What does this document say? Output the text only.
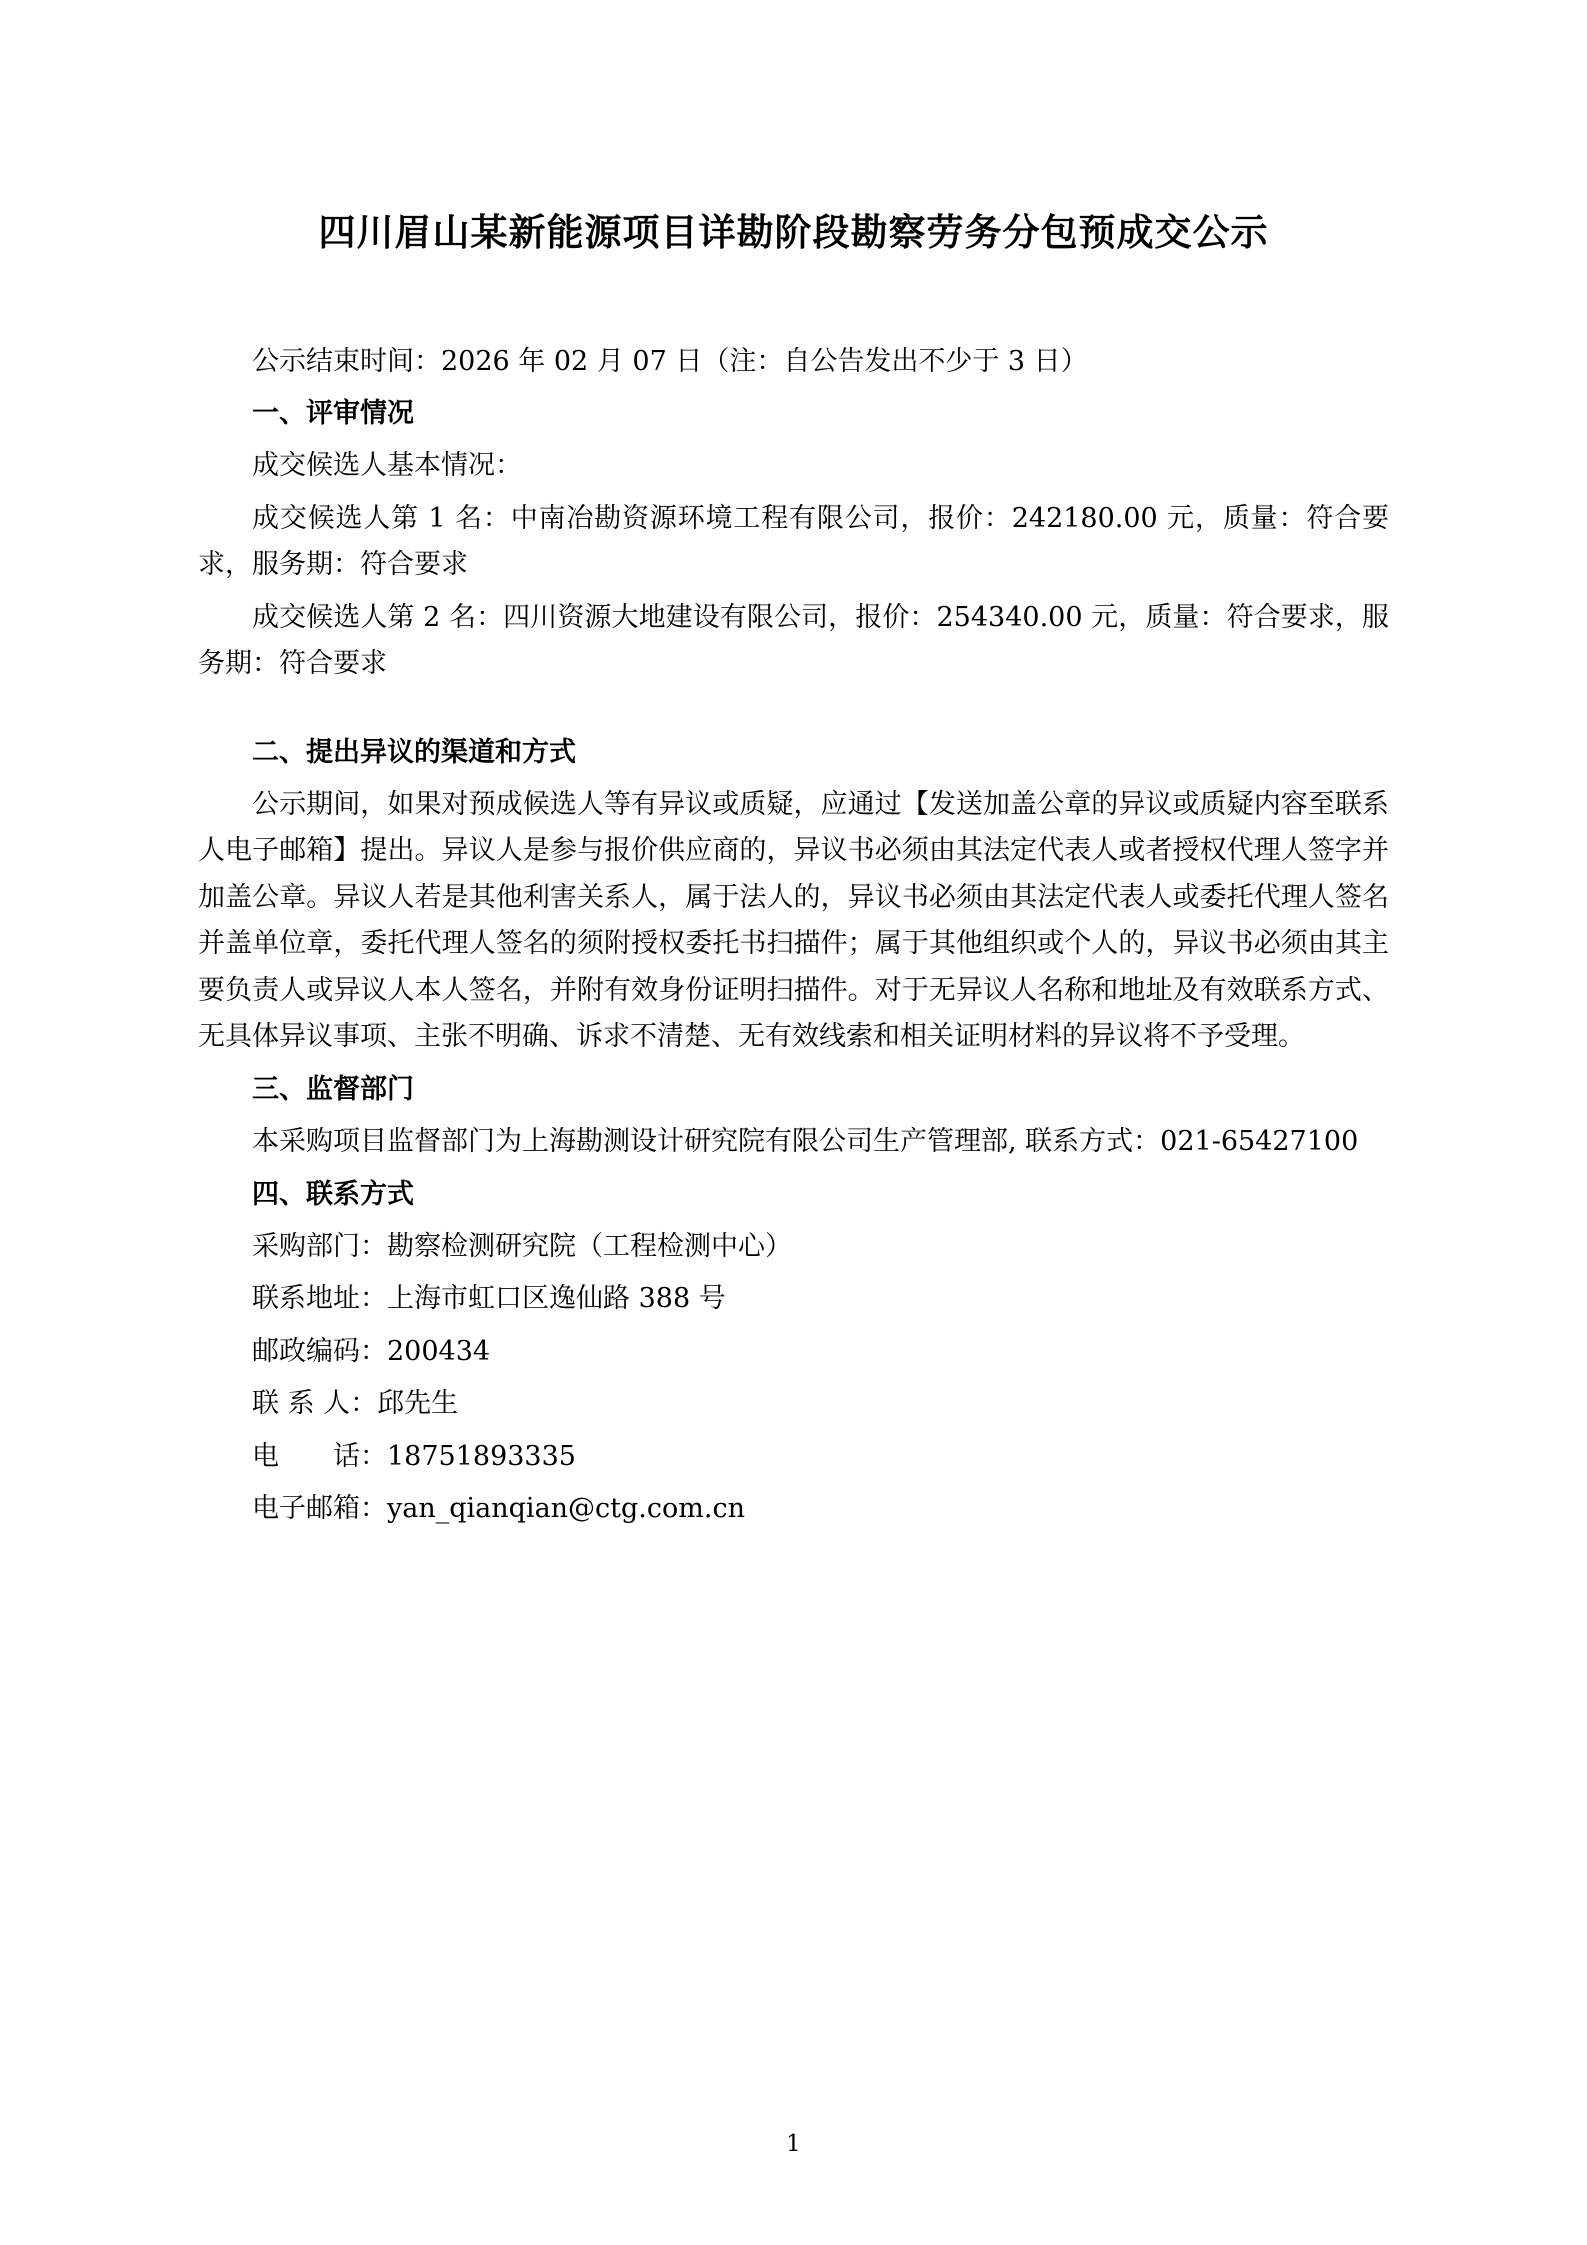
四川眉山某新能源项目详勘阶段勘察劳务分包预成交公示

公示结束时间：2026 年 02 月 07 日（注：自公告发出不少于 3 日）

一、评审情况

成交候选人基本情况：

成交候选人第 1 名：中南冶勘资源环境工程有限公司，报价：242180.00 元，质量：符合要求，服务期：符合要求

成交候选人第 2 名：四川资源大地建设有限公司，报价：254340.00 元，质量：符合要求，服务期：符合要求

二、提出异议的渠道和方式

公示期间，如果对预成候选人等有异议或质疑，应通过【发送加盖公章的异议或质疑内容至联系人电子邮箱】提出。异议人是参与报价供应商的，异议书必须由其法定代表人或者授权代理人签字并加盖公章。异议人若是其他利害关系人，属于法人的，异议书必须由其法定代表人或委托代理人签名并盖单位章，委托代理人签名的须附授权委托书扫描件；属于其他组织或个人的，异议书必须由其主要负责人或异议人本人签名，并附有效身份证明扫描件。对于无异议人名称和地址及有效联系方式、无具体异议事项、主张不明确、诉求不清楚、无有效线索和相关证明材料的异议将不予受理。

三、监督部门

本采购项目监督部门为上海勘测设计研究院有限公司生产管理部, 联系方式：021-65427100

四、联系方式

采购部门：勘察检测研究院（工程检测中心）

联系地址：上海市虹口区逸仙路 388 号

邮政编码：200434

联 系 人：邱先生

电　　话：18751893335

电子邮箱：yan_qianqian@ctg.com.cn

1
